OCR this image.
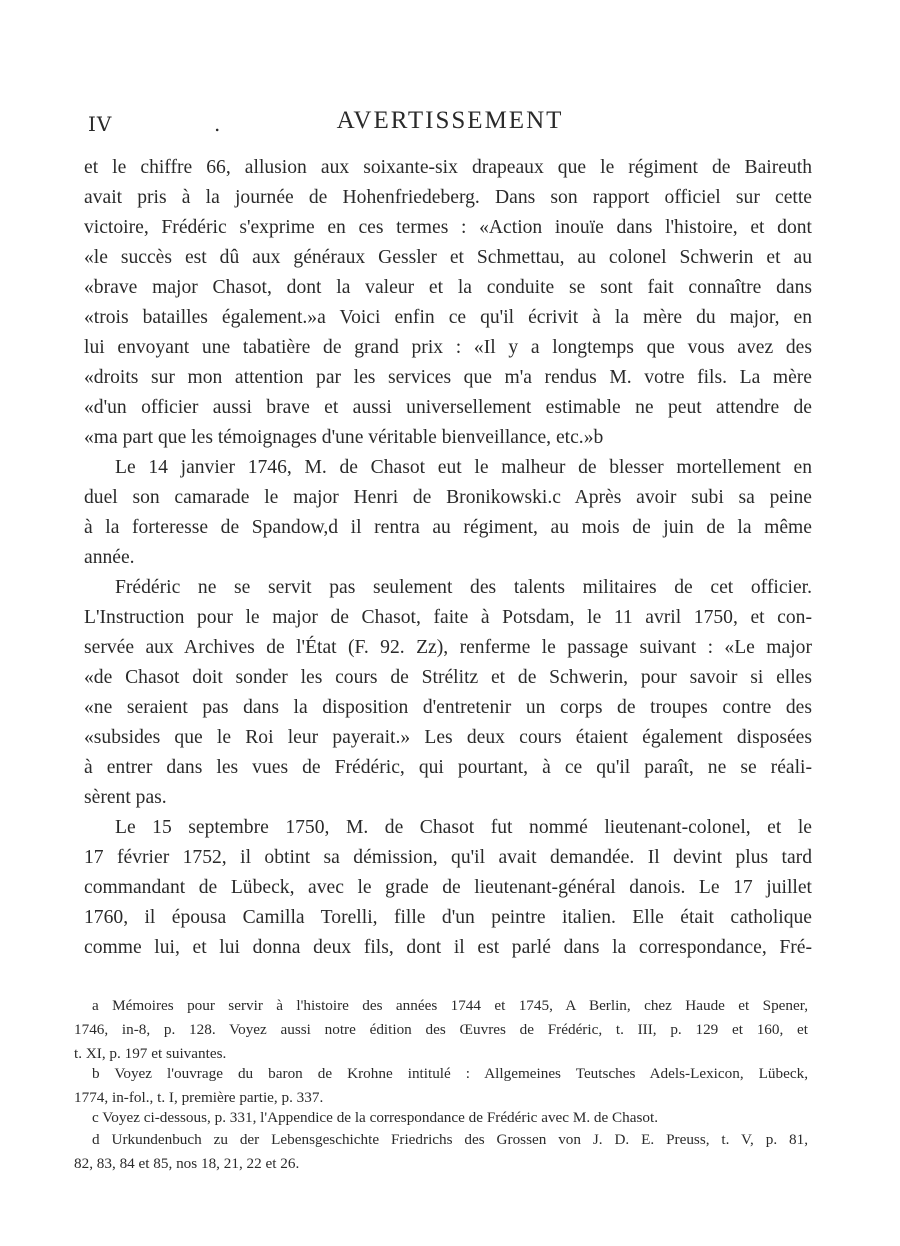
IV	.	AVERTISSEMENT
et le chiffre 66, allusion aux soixante-six drapeaux que le régiment de Baireuth
avait pris à la journée de Hohenfriedeberg. Dans son rapport officiel sur cette
victoire, Frédéric s'exprime en ces termes : «Action inouïe dans l'histoire, et dont
«le succès est dû aux généraux Gessler et Schmettau, au colonel Schwerin et au
«brave major Chasot, dont la valeur et la conduite se sont fait connaître dans
«trois batailles également.»a Voici enfin ce qu'il écrivit à la mère du major, en
lui envoyant une tabatière de grand prix : «Il y a longtemps que vous avez des
«droits sur mon attention par les services que m'a rendus M. votre fils. La mère
«d'un officier aussi brave et aussi universellement estimable ne peut attendre de
«ma part que les témoignages d'une véritable bienveillance, etc.»b
Le 14 janvier 1746, M. de Chasot eut le malheur de blesser mortellement en
duel son camarade le major Henri de Bronikowski.c Après avoir subi sa peine
à la forteresse de Spandow,d il rentra au régiment, au mois de juin de la même
année.
Frédéric ne se servit pas seulement des talents militaires de cet officier.
L'Instruction pour le major de Chasot, faite à Potsdam, le 11 avril 1750, et con-
servée aux Archives de l'État (F. 92. Zz), renferme le passage suivant : «Le major
«de Chasot doit sonder les cours de Strélitz et de Schwerin, pour savoir si elles
«ne seraient pas dans la disposition d'entretenir un corps de troupes contre des
«subsides que le Roi leur payerait.» Les deux cours étaient également disposées
à entrer dans les vues de Frédéric, qui pourtant, à ce qu'il paraît, ne se réali-
sèrent pas.
Le 15 septembre 1750, M. de Chasot fut nommé lieutenant-colonel, et le
17 février 1752, il obtint sa démission, qu'il avait demandée. Il devint plus tard
commandant de Lübeck, avec le grade de lieutenant-général danois. Le 17 juillet
1760, il épousa Camilla Torelli, fille d'un peintre italien. Elle était catholique
comme lui, et lui donna deux fils, dont il est parlé dans la correspondance, Fré-
a Mémoires pour servir à l'histoire des années 1744 et 1745, A Berlin, chez Haude et Spener,
1746, in-8, p. 128. Voyez aussi notre édition des Œuvres de Frédéric, t. III, p. 129 et 160, et
t. XI, p. 197 et suivantes.
b Voyez l'ouvrage du baron de Krohne intitulé : Allgemeines Teutsches Adels-Lexicon, Lübeck,
1774, in-fol., t. I, première partie, p. 337.
c Voyez ci-dessous, p. 331, l'Appendice de la correspondance de Frédéric avec M. de Chasot.
d Urkundenbuch zu der Lebensgeschichte Friedrichs des Grossen von J. D. E. Preuss, t. V, p. 81,
82, 83, 84 et 85, nos 18, 21, 22 et 26.
